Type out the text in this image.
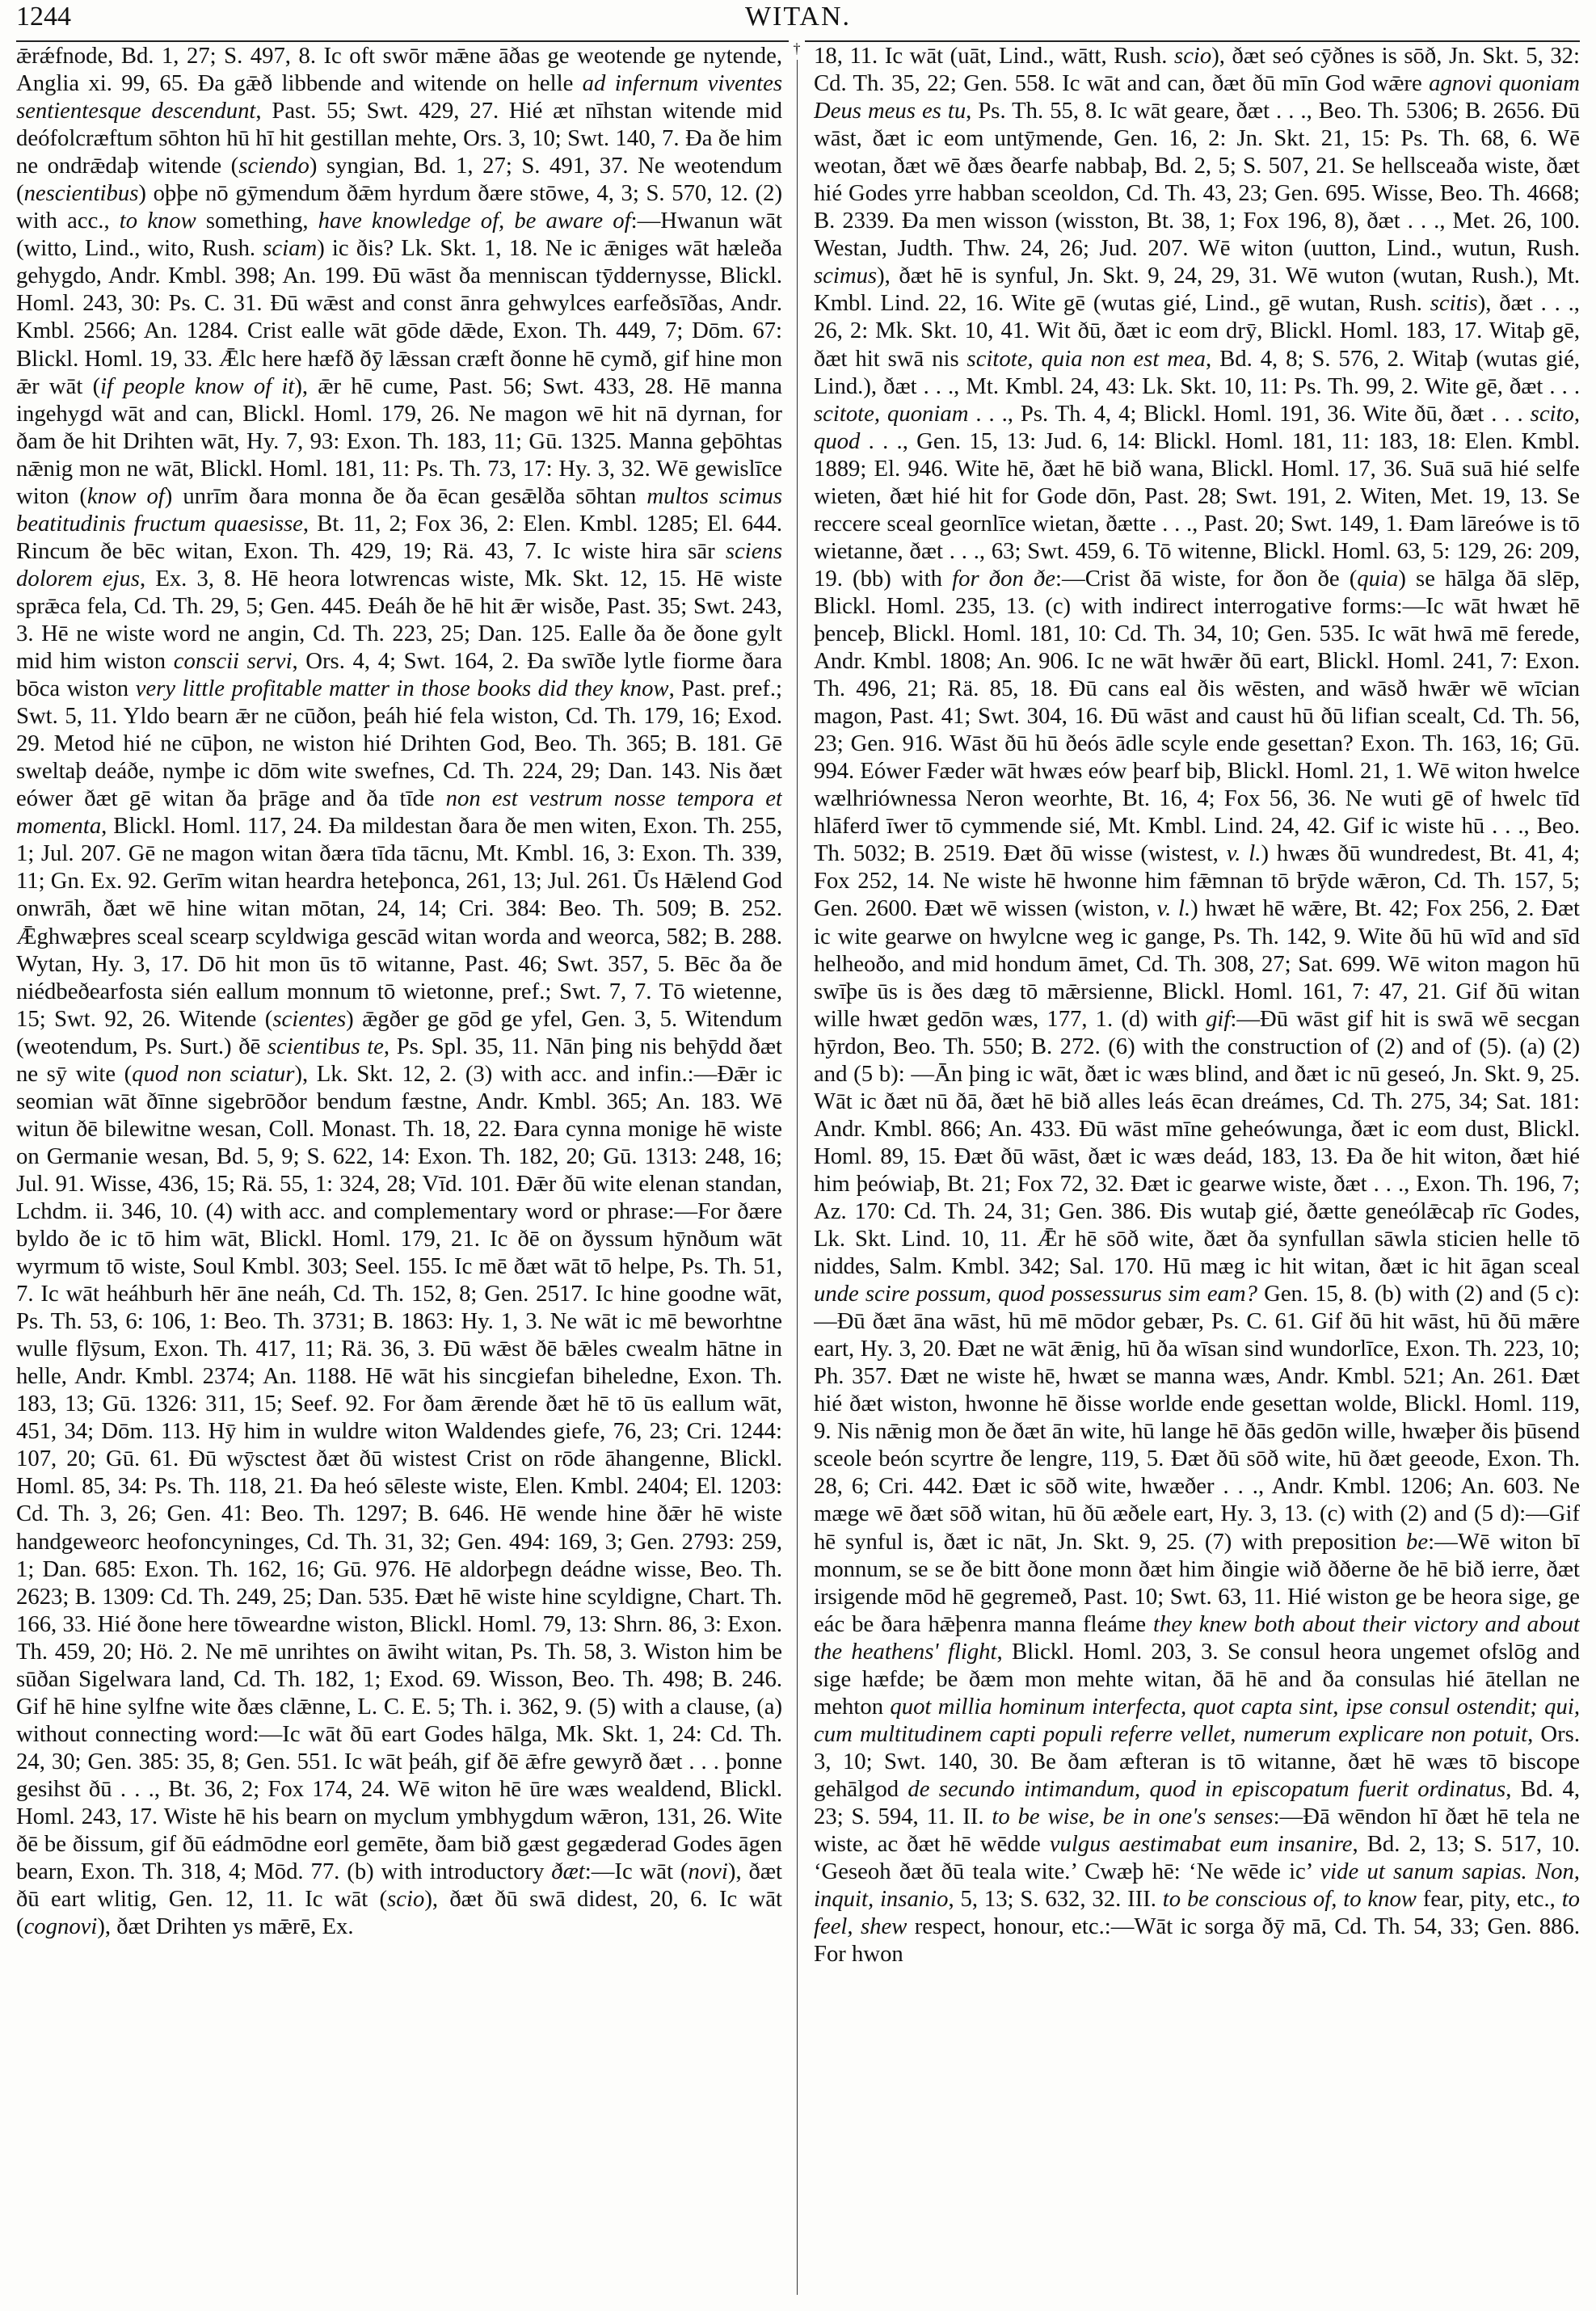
1244	WITAN.
†

ǣrǽfnode, Bd. 1, 27; S. 497, 8. Ic oft swōr mǣne āðas ge weotende ge nytende, Anglia xi. 99, 65. Ða gǣð libbende and witende on helle ad infernum viventes sentientesque descendunt, Past. 55; Swt. 429, 27. Hié æt nīhstan witende mid deófolcræftum sōhton hū hī hit gestillan mehte, Ors. 3, 10; Swt. 140, 7. Ða ðe him ne ondrǣdaþ witende (sciendo) syngian, Bd. 1, 27; S. 491, 37. Ne weotendum (nescientibus) oþþe nō gȳmendum ðǣm hyrdum ðære stōwe, 4, 3; S. 570, 12. (2) with acc., to know something, have knowledge of, be aware of:—Hwanun wāt (witto, Lind., wito, Rush. sciam) ic ðis? Lk. Skt. 1, 18. Ne ic ǣniges wāt hæleða gehygdo, Andr. Kmbl. 398; An. 199. Ðū wāst ða menniscan tȳddernysse, Blickl. Homl. 243, 30: Ps. C. 31. Ðū wǣst and const ānra gehwylces earfeðsīðas, Andr. Kmbl. 2566; An. 1284. Crist ealle wāt gōde dǣde, Exon. Th. 449, 7; Dōm. 67: Blickl. Homl. 19, 33. Ǣlc here hæfð ðȳ lǣssan cræft ðonne hē cymð, gif hine mon ǣr wāt (if people know of it), ǣr hē cume, Past. 56; Swt. 433, 28. Hē manna ingehygd wāt and can, Blickl. Homl. 179, 26. Ne magon wē hit nā dyrnan, for ðam ðe hit Drihten wāt, Hy. 7, 93: Exon. Th. 183, 11; Gū. 1325. Manna geþōhtas nǣnig mon ne wāt, Blickl. Homl. 181, 11: Ps. Th. 73, 17: Hy. 3, 32. Wē gewislīce witon (know of) unrīm ðara monna ðe ða ēcan gesǣlða sōhtan multos scimus beatitudinis fructum quaesisse, Bt. 11, 2; Fox 36, 2: Elen. Kmbl. 1285; El. 644. Rincum ðe bēc witan, Exon. Th. 429, 19; Rä. 43, 7. Ic wiste hira sār sciens dolorem ejus, Ex. 3, 8. Hē heora lotwrencas wiste, Mk. Skt. 12, 15. Hē wiste sprǣca fela, Cd. Th. 29, 5; Gen. 445. Ðeáh ðe hē hit ǣr wisðe, Past. 35; Swt. 243, 3. Hē ne wiste word ne angin, Cd. Th. 223, 25; Dan. 125. Ealle ða ðe ðone gylt mid him wiston conscii servi, Ors. 4, 4; Swt. 164, 2. Ða swīðe lytle fiorme ðara bōca wiston very little profitable matter in those books did they know, Past. pref.; Swt. 5, 11. Yldo bearn ǣr ne cūðon, þeáh hié fela wiston, Cd. Th. 179, 16; Exod. 29. Metod hié ne cūþon, ne wiston hié Drihten God, Beo. Th. 365; B. 181. Gē sweltaþ deáðe, nymþe ic dōm wite swefnes, Cd. Th. 224, 29; Dan. 143. Nis ðæt eówer ðæt gē witan ða þrāge and ða tīde non est vestrum nosse tempora et momenta, Blickl. Homl. 117, 24. Ða mildestan ðara ðe men witen, Exon. Th. 255, 1; Jul. 207. Gē ne magon witan ðæra tīda tācnu, Mt. Kmbl. 16, 3: Exon. Th. 339, 11; Gn. Ex. 92. Gerīm witan heardra heteþonca, 261, 13; Jul. 261. Ūs Hǣlend God onwrāh, ðæt wē hine witan mōtan, 24, 14; Cri. 384: Beo. Th. 509; B. 252. Ǣghwæþres sceal scearp scyldwiga gescād witan worda and weorca, 582; B. 288. Wytan, Hy. 3, 17. Dō hit mon ūs tō witanne, Past. 46; Swt. 357, 5. Bēc ða ðe niédbeðearfosta sién eallum monnum tō wietonne, pref.; Swt. 7, 7. Tō wietenne, 15; Swt. 92, 26. Witende (scientes) ǣgðer ge gōd ge yfel, Gen. 3, 5. Witendum (weotendum, Ps. Surt.) ðē scientibus te, Ps. Spl. 35, 11. Nān þing nis behȳdd ðæt ne sȳ wite (quod non sciatur), Lk. Skt. 12, 2. (3) with acc. and infin.:—Ðǣr ic seomian wāt ðīnne sigebrōðor bendum fæstne, Andr. Kmbl. 365; An. 183. Wē witun ðē bilewitne wesan, Coll. Monast. Th. 18, 22. Ðara cynna monige hē wiste on Germanie wesan, Bd. 5, 9; S. 622, 14: Exon. Th. 182, 20; Gū. 1313: 248, 16; Jul. 91. Wisse, 436, 15; Rä. 55, 1: 324, 28; Vīd. 101. Ðǣr ðū wite elenan standan, Lchdm. ii. 346, 10. (4) with acc. and complementary word or phrase:—For ðære byldo ðe ic tō him wāt, Blickl. Homl. 179, 21. Ic ðē on ðyssum hȳnðum wāt wyrmum tō wiste, Soul Kmbl. 303; Seel. 155. Ic mē ðæt wāt tō helpe, Ps. Th. 51, 7. Ic wāt heáhburh hēr āne neáh, Cd. Th. 152, 8; Gen. 2517. Ic hine goodne wāt, Ps. Th. 53, 6: 106, 1: Beo. Th. 3731; B. 1863: Hy. 1, 3. Ne wāt ic mē beworhtne wulle flȳsum, Exon. Th. 417, 11; Rä. 36, 3. Ðū wǣst ðē bǣles cwealm hātne in helle, Andr. Kmbl. 2374; An. 1188. Hē wāt his sincgiefan biheledne, Exon. Th. 183, 13; Gū. 1326: 311, 15; Seef. 92. For ðam ǣrende ðæt hē tō ūs eallum wāt, 451, 34; Dōm. 113. Hȳ him in wuldre witon Waldendes giefe, 76, 23; Cri. 1244: 107, 20; Gū. 61. Ðū wȳsctest ðæt ðū wistest Crist on rōde āhangenne, Blickl. Homl. 85, 34: Ps. Th. 118, 21. Ða heó sēleste wiste, Elen. Kmbl. 2404; El. 1203: Cd. Th. 3, 26; Gen. 41: Beo. Th. 1297; B. 646. Hē wende hine ðǣr hē wiste handgeweorc heofoncyninges, Cd. Th. 31, 32; Gen. 494: 169, 3; Gen. 2793: 259, 1; Dan. 685: Exon. Th. 162, 16; Gū. 976. Hē aldorþegn deádne wisse, Beo. Th. 2623; B. 1309: Cd. Th. 249, 25; Dan. 535. Ðæt hē wiste hine scyldigne, Chart. Th. 166, 33. Hié ðone here tōweardne wiston, Blickl. Homl. 79, 13: Shrn. 86, 3: Exon. Th. 459, 20; Hö. 2. Ne mē unrihtes on āwiht witan, Ps. Th. 58, 3. Wiston him be sūðan Sigelwara land, Cd. Th. 182, 1; Exod. 69. Wisson, Beo. Th. 498; B. 246. Gif hē hine sylfne wite ðæs clǣnne, L. C. E. 5; Th. i. 362, 9. (5) with a clause, (a) without connecting word:—Ic wāt ðū eart Godes hālga, Mk. Skt. 1, 24: Cd. Th. 24, 30; Gen. 385: 35, 8; Gen. 551. Ic wāt þeáh, gif ðē ǣfre gewyrð ðæt . . . þonne gesihst ðū . . ., Bt. 36, 2; Fox 174, 24. Wē witon hē ūre wæs wealdend, Blickl. Homl. 243, 17. Wiste hē his bearn on myclum ymbhygdum wǣron, 131, 26. Wite ðē be ðissum, gif ðū eádmōdne eorl gemēte, ðam bið gæst gegæderad Godes āgen bearn, Exon. Th. 318, 4; Mōd. 77. (b) with introductory ðæt:—Ic wāt (novi), ðæt ðū eart wlitig, Gen. 12, 11. Ic wāt (scio), ðæt ðū swā didest, 20, 6. Ic wāt (cognovi), ðæt Drihten ys mǣrē, Ex.

18, 11. Ic wāt (uāt, Lind., wātt, Rush. scio), ðæt seó cȳðnes is sōð, Jn. Skt. 5, 32: Cd. Th. 35, 22; Gen. 558. Ic wāt and can, ðæt ðū mīn God wǣre agnovi quoniam Deus meus es tu, Ps. Th. 55, 8. Ic wāt geare, ðæt . . ., Beo. Th. 5306; B. 2656. Ðū wāst, ðæt ic eom untȳmende, Gen. 16, 2: Jn. Skt. 21, 15: Ps. Th. 68, 6. Wē weotan, ðæt wē ðæs ðearfe nabbaþ, Bd. 2, 5; S. 507, 21. Se hellsceaða wiste, ðæt hié Godes yrre habban sceoldon, Cd. Th. 43, 23; Gen. 695. Wisse, Beo. Th. 4668; B. 2339. Ða men wisson (wisston, Bt. 38, 1; Fox 196, 8), ðæt . . ., Met. 26, 100. Westan, Judth. Thw. 24, 26; Jud. 207. Wē witon (uutton, Lind., wutun, Rush. scimus), ðæt hē is synful, Jn. Skt. 9, 24, 29, 31. Wē wuton (wutan, Rush.), Mt. Kmbl. Lind. 22, 16. Wite gē (wutas gié, Lind., gē wutan, Rush. scitis), ðæt . . ., 26, 2: Mk. Skt. 10, 41. Wit ðū, ðæt ic eom drȳ, Blickl. Homl. 183, 17. Witaþ gē, ðæt hit swā nis scitote, quia non est mea, Bd. 4, 8; S. 576, 2. Witaþ (wutas gié, Lind.), ðæt . . ., Mt. Kmbl. 24, 43: Lk. Skt. 10, 11: Ps. Th. 99, 2. Wite gē, ðæt . . . scitote, quoniam . . ., Ps. Th. 4, 4; Blickl. Homl. 191, 36. Wite ðū, ðæt . . . scito, quod . . ., Gen. 15, 13: Jud. 6, 14: Blickl. Homl. 181, 11: 183, 18: Elen. Kmbl. 1889; El. 946. Wite hē, ðæt hē bið wana, Blickl. Homl. 17, 36. Suā suā hié selfe wieten, ðæt hié hit for Gode dōn, Past. 28; Swt. 191, 2. Witen, Met. 19, 13. Se reccere sceal geornlīce wietan, ðætte . . ., Past. 20; Swt. 149, 1. Ðam lāreówe is tō wietanne, ðæt . . ., 63; Swt. 459, 6. Tō witenne, Blickl. Homl. 63, 5: 129, 26: 209, 19. (bb) with for ðon ðe:—Crist ðā wiste, for ðon ðe (quia) se hālga ðā slēp, Blickl. Homl. 235, 13. (c) with indirect interrogative forms:—Ic wāt hwæt hē þenceþ, Blickl. Homl. 181, 10: Cd. Th. 34, 10; Gen. 535. Ic wāt hwā mē ferede, Andr. Kmbl. 1808; An. 906. Ic ne wāt hwǣr ðū eart, Blickl. Homl. 241, 7: Exon. Th. 496, 21; Rä. 85, 18. Ðū cans eal ðis wēsten, and wāsð hwǣr wē wīcian magon, Past. 41; Swt. 304, 16. Ðū wāst and caust hū ðū lifian scealt, Cd. Th. 56, 23; Gen. 916. Wāst ðū hū ðeós ādle scyle ende gesettan? Exon. Th. 163, 16; Gū. 994. Eówer Fæder wāt hwæs eów þearf biþ, Blickl. Homl. 21, 1. Wē witon hwelce wælhriównessa Neron weorhte, Bt. 16, 4; Fox 56, 36. Ne wuti gē of hwelc tīd hlāferd īwer tō cymmende sié, Mt. Kmbl. Lind. 24, 42. Gif ic wiste hū . . ., Beo. Th. 5032; B. 2519. Ðæt ðū wisse (wistest, v. l.) hwæs ðū wundredest, Bt. 41, 4; Fox 252, 14. Ne wiste hē hwonne him fǣmnan tō brȳde wǣron, Cd. Th. 157, 5; Gen. 2600. Ðæt wē wissen (wiston, v. l.) hwæt hē wǣre, Bt. 42; Fox 256, 2. Ðæt ic wite gearwe on hwylcne weg ic gange, Ps. Th. 142, 9. Wite ðū hū wīd and sīd helheoðo, and mid hondum āmet, Cd. Th. 308, 27; Sat. 699. Wē witon magon hū swīþe ūs is ðes dæg tō mǣrsienne, Blickl. Homl. 161, 7: 47, 21. Gif ðū witan wille hwæt gedōn wæs, 177, 1. (d) with gif:—Ðū wāst gif hit is swā wē secgan hȳrdon, Beo. Th. 550; B. 272. (6) with the construction of (2) and of (5). (a) (2) and (5 b): —Ān þing ic wāt, ðæt ic wæs blind, and ðæt ic nū geseó, Jn. Skt. 9, 25. Wāt ic ðæt nū ðā, ðæt hē bið alles leás ēcan dreámes, Cd. Th. 275, 34; Sat. 181: Andr. Kmbl. 866; An. 433. Ðū wāst mīne geheówunga, ðæt ic eom dust, Blickl. Homl. 89, 15. Ðæt ðū wāst, ðæt ic wæs deád, 183, 13. Ða ðe hit witon, ðæt hié him þeówiaþ, Bt. 21; Fox 72, 32. Ðæt ic gearwe wiste, ðæt . . ., Exon. Th. 196, 7; Az. 170: Cd. Th. 24, 31; Gen. 386. Ðis wutaþ gié, ðætte geneólǣcaþ rīc Godes, Lk. Skt. Lind. 10, 11. Ǣr hē sōð wite, ðæt ða synfullan sāwla sticien helle tō niddes, Salm. Kmbl. 342; Sal. 170. Hū mæg ic hit witan, ðæt ic hit āgan sceal unde scire possum, quod possessurus sim eam? Gen. 15, 8. (b) with (2) and (5 c):—Ðū ðæt āna wāst, hū mē mōdor gebær, Ps. C. 61. Gif ðū hit wāst, hū ðū mǣre eart, Hy. 3, 20. Ðæt ne wāt ǣnig, hū ða wīsan sind wundorlīce, Exon. Th. 223, 10; Ph. 357. Ðæt ne wiste hē, hwæt se manna wæs, Andr. Kmbl. 521; An. 261. Ðæt hié ðæt wiston, hwonne hē ðisse worlde ende gesettan wolde, Blickl. Homl. 119, 9. Nis nǣnig mon ðe ðæt ān wite, hū lange hē ðās gedōn wille, hwæþer ðis þūsend sceole beón scyrtre ðe lengre, 119, 5. Ðæt ðū sōð wite, hū ðæt geeode, Exon. Th. 28, 6; Cri. 442. Ðæt ic sōð wite, hwæðer . . ., Andr. Kmbl. 1206; An. 603. Ne mæge wē ðæt sōð witan, hū ðū æðele eart, Hy. 3, 13. (c) with (2) and (5 d):—Gif hē synful is, ðæt ic nāt, Jn. Skt. 9, 25. (7) with preposition be:—Wē witon bī monnum, se se ðe bitt ðone monn ðæt him ðingie wið ððerne ðe hē bið ierre, ðæt irsigende mōd hē gegremeð, Past. 10; Swt. 63, 11. Hié wiston ge be heora sige, ge eác be ðara hǣþenra manna fleáme they knew both about their victory and about the heathens' flight, Blickl. Homl. 203, 3. Se consul heora ungemet ofslōg and sige hæfde; be ðæm mon mehte witan, ðā hē and ða consulas hié ātellan ne mehton quot millia hominum interfecta, quot capta sint, ipse consul ostendit; qui, cum multitudinem capti populi referre vellet, numerum explicare non potuit, Ors. 3, 10; Swt. 140, 30. Be ðam æfteran is tō witanne, ðæt hē wæs tō biscope gehālgod de secundo intimandum, quod in episcopatum fuerit ordinatus, Bd. 4, 23; S. 594, 11. II. to be wise, be in one's senses:—Ðā wēndon hī ðæt hē tela ne wiste, ac ðæt hē wēdde vulgus aestimabat eum insanire, Bd. 2, 13; S. 517, 10. ‘Geseoh ðæt ðū teala wite.’ Cwæþ hē: ‘Ne wēde ic’ vide ut sanum sapias. Non, inquit, insanio, 5, 13; S. 632, 32. III. to be conscious of, to know fear, pity, etc., to feel, shew respect, honour, etc.:—Wāt ic sorga ðȳ mā, Cd. Th. 54, 33; Gen. 886. For hwon
